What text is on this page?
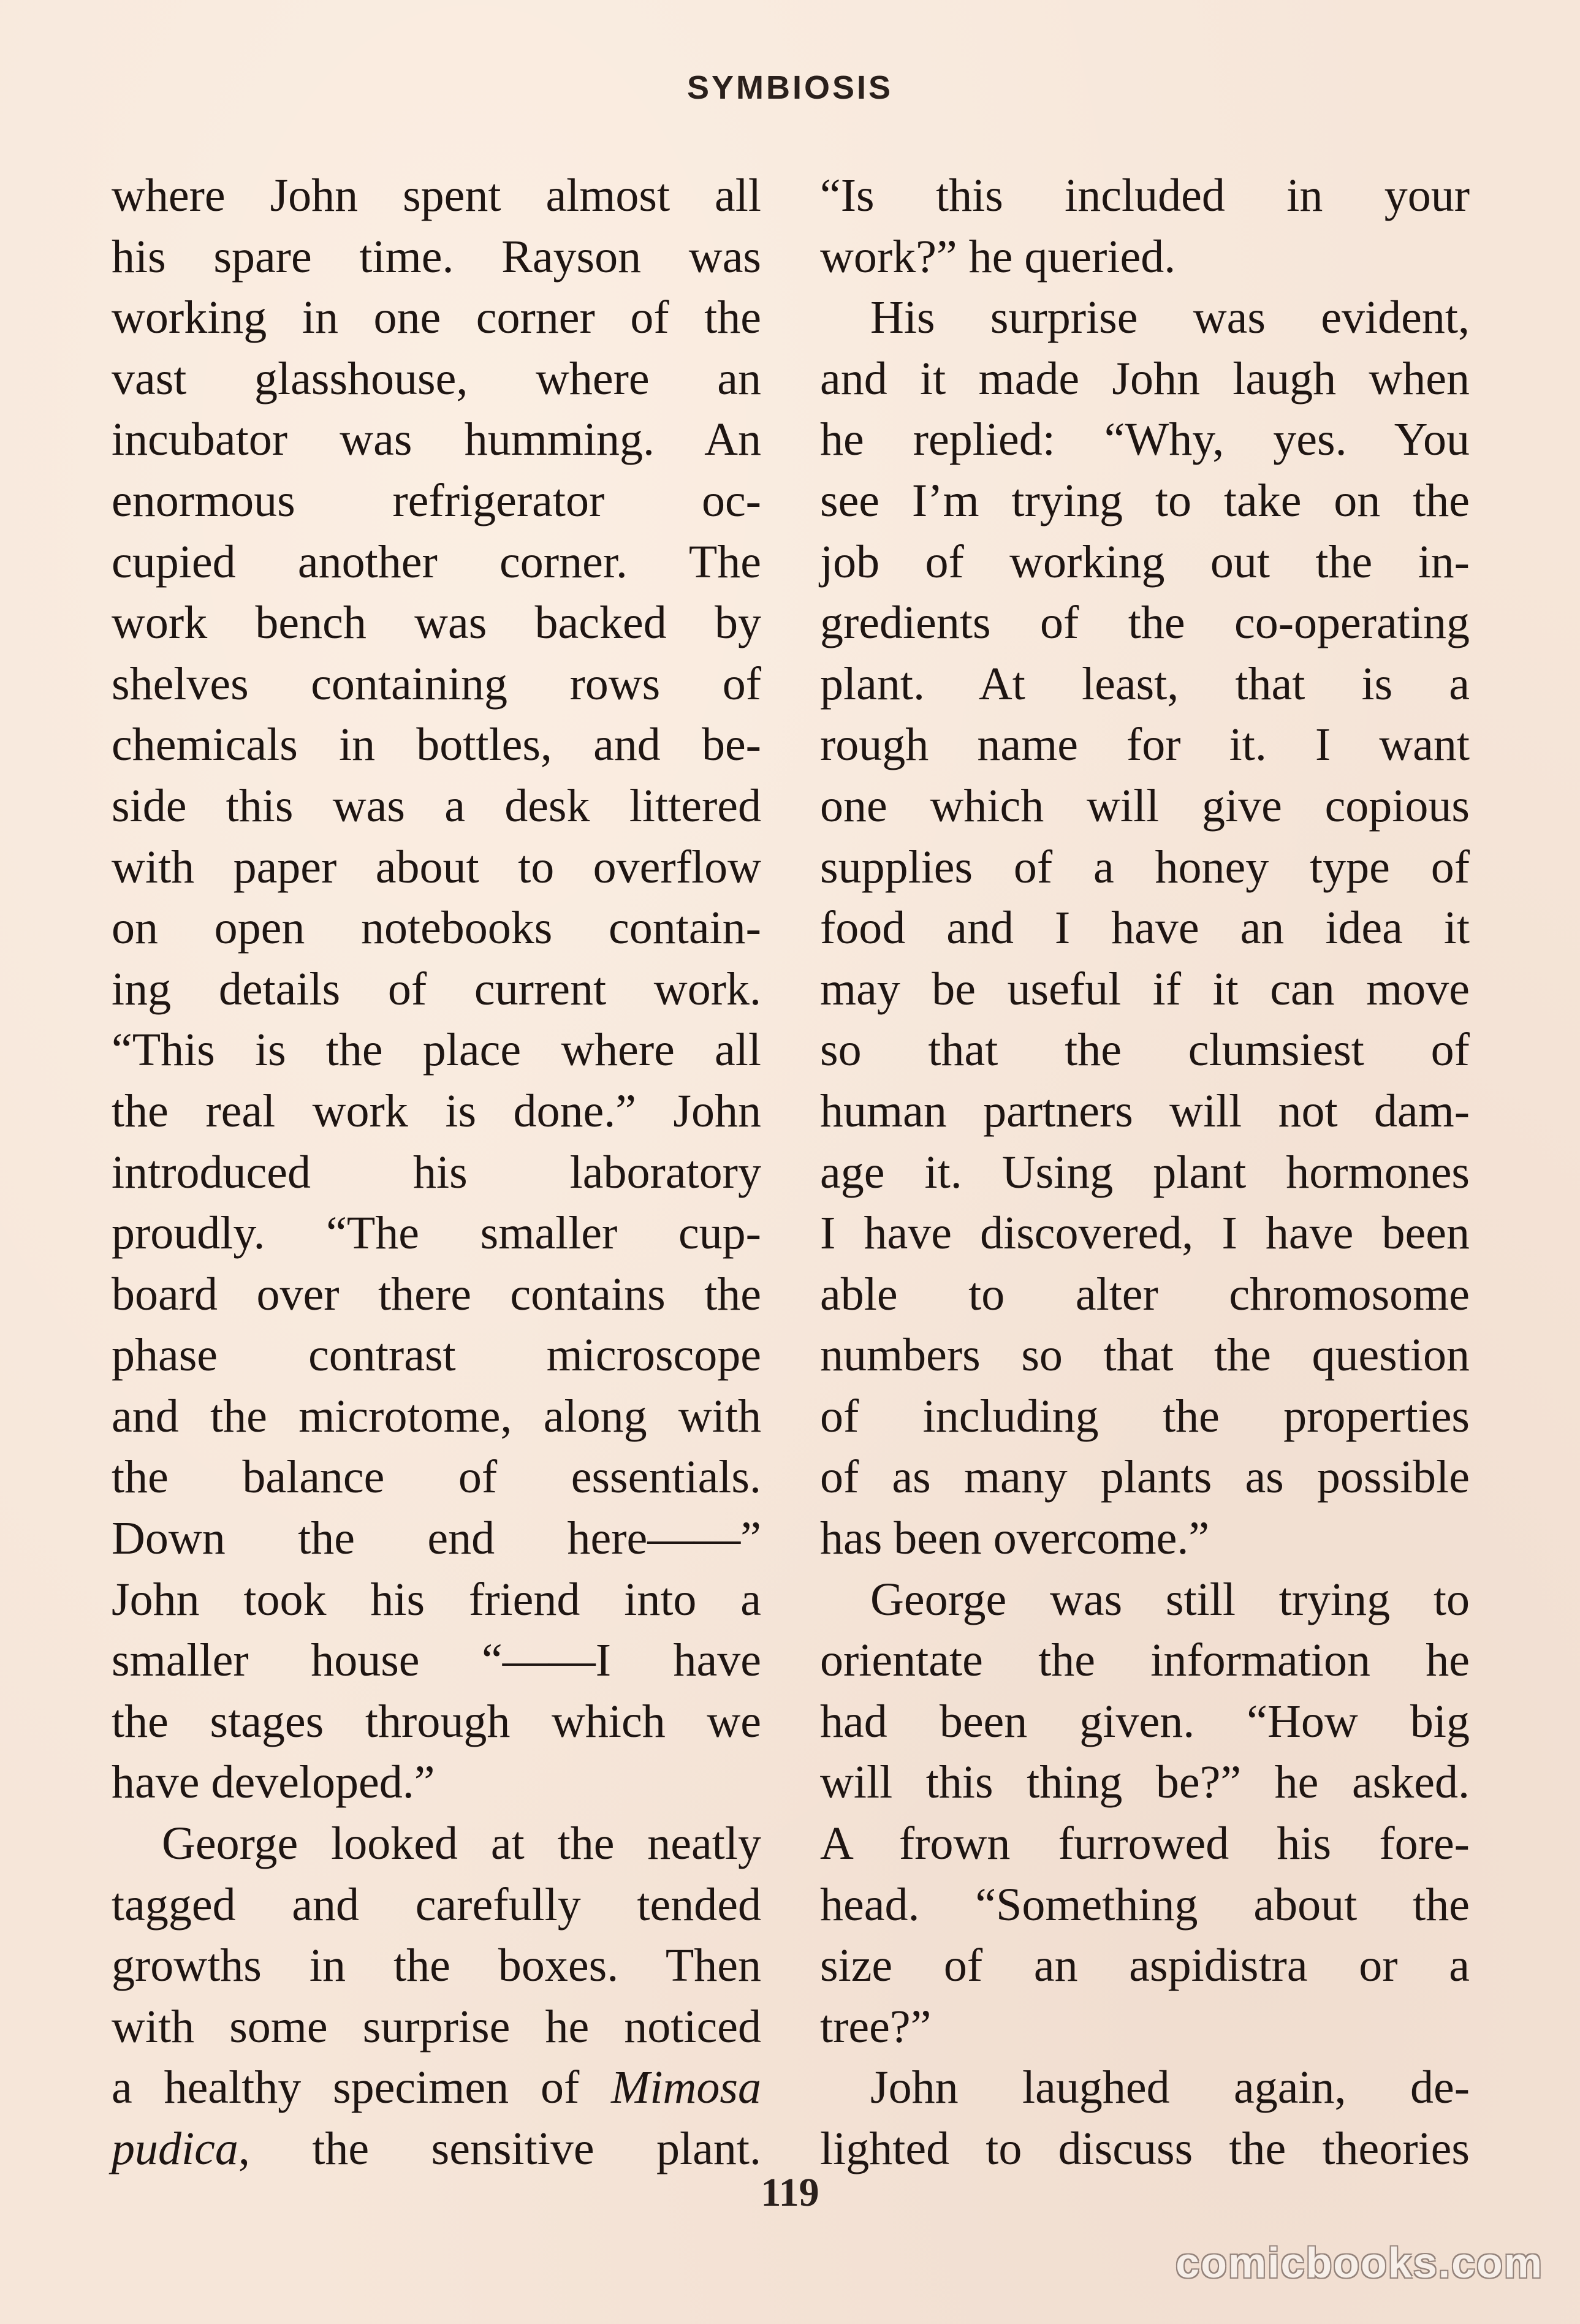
SYMBIOSIS
where John spent almost all
his spare time. Rayson was
working in one corner of the
vast glasshouse, where an
incubator was humming. An
enormous refrigerator oc-
cupied another corner. The
work bench was backed by
shelves containing rows of
chemicals in bottles, and be-
side this was a desk littered
with paper about to overflow
on open notebooks contain-
ing details of current work.
“This is the place where all
the real work is done.” John
introduced his laboratory
proudly. “The smaller cup-
board over there contains the
phase contrast microscope
and the microtome, along with
the balance of essentials.
Down the end here——”
John took his friend into a
smaller house “——I have
the stages through which we
have developed.”
George looked at the neatly
tagged and carefully tended
growths in the boxes. Then
with some surprise he noticed
a healthy specimen of Mimosa
pudica, the sensitive plant.
“Is this included in your
work?” he queried.
His surprise was evident,
and it made John laugh when
he replied: “Why, yes. You
see I’m trying to take on the
job of working out the in-
gredients of the co-operating
plant. At least, that is a
rough name for it. I want
one which will give copious
supplies of a honey type of
food and I have an idea it
may be useful if it can move
so that the clumsiest of
human partners will not dam-
age it. Using plant hormones
I have discovered, I have been
able to alter chromosome
numbers so that the question
of including the properties
of as many plants as possible
has been overcome.”
George was still trying to
orientate the information he
had been given. “How big
will this thing be?” he asked.
A frown furrowed his fore-
head. “Something about the
size of an aspidistra or a
tree?”
John laughed again, de-
lighted to discuss the theories
119
comicbooks.com
